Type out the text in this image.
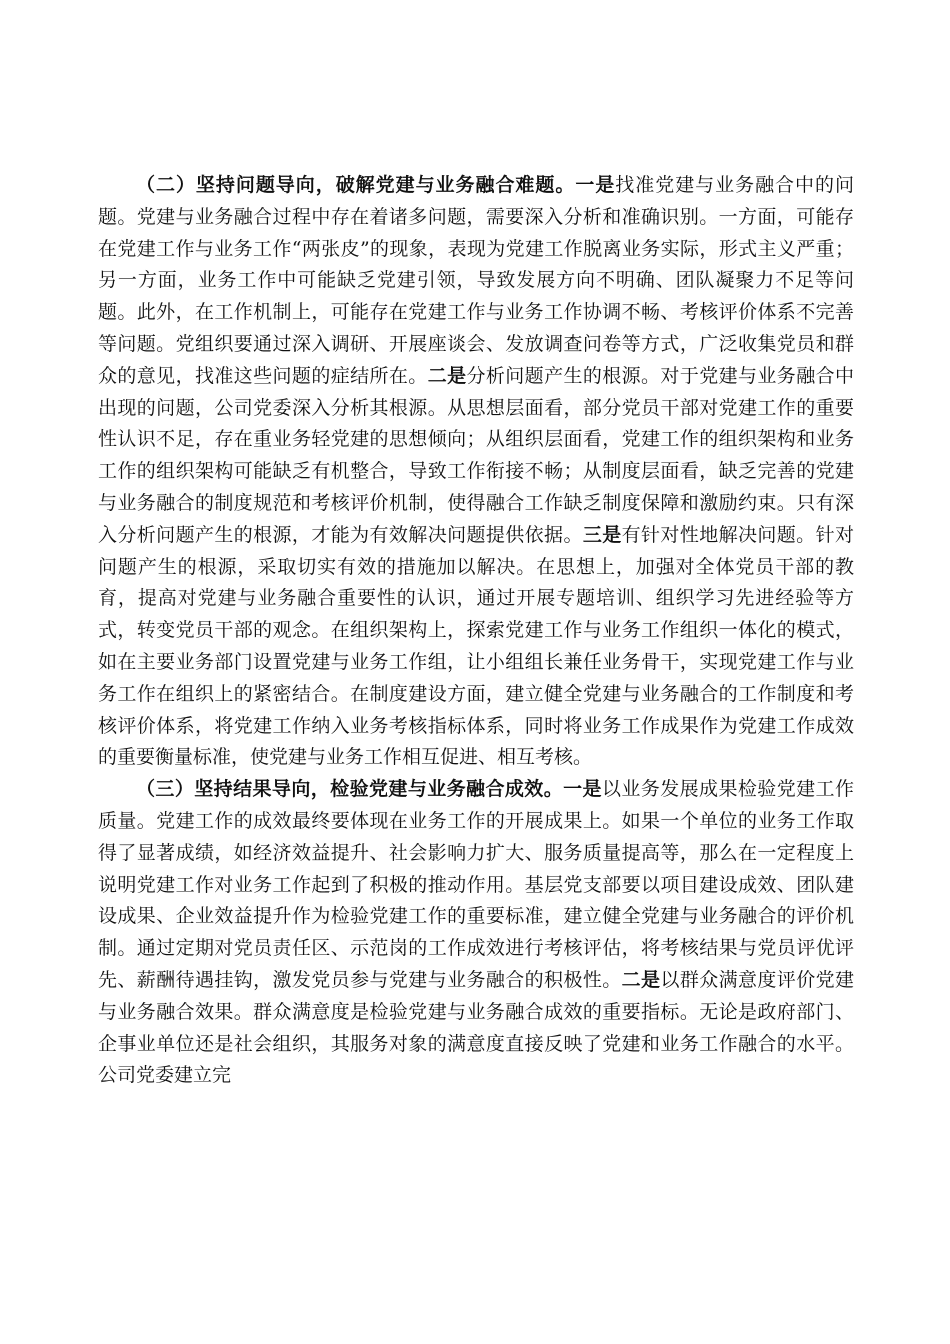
（二）坚持问题导向，破解党建与业务融合难题。一是找准党建与业务融合中的问题。党建与业务融合过程中存在着诸多问题，需要深入分析和准确识别。一方面，可能存在党建工作与业务工作“两张皮”的现象，表现为党建工作脱离业务实际，形式主义严重；另一方面，业务工作中可能缺乏党建引领，导致发展方向不明确、团队凝聚力不足等问题。此外，在工作机制上，可能存在党建工作与业务工作协调不畅、考核评价体系不完善等问题。党组织要通过深入调研、开展座谈会、发放调查问卷等方式，广泛收集党员和群众的意见，找准这些问题的症结所在。二是分析问题产生的根源。对于党建与业务融合中出现的问题，公司党委深入分析其根源。从思想层面看，部分党员干部对党建工作的重要性认识不足，存在重业务轻党建的思想倾向；从组织层面看，党建工作的组织架构和业务工作的组织架构可能缺乏有机整合，导致工作衔接不畅；从制度层面看，缺乏完善的党建与业务融合的制度规范和考核评价机制，使得融合工作缺乏制度保障和激励约束。只有深入分析问题产生的根源，才能为有效解决问题提供依据。三是有针对性地解决问题。针对问题产生的根源，采取切实有效的措施加以解决。在思想上，加强对全体党员干部的教育，提高对党建与业务融合重要性的认识，通过开展专题培训、组织学习先进经验等方式，转变党员干部的观念。在组织架构上，探索党建工作与业务工作组织一体化的模式，如在主要业务部门设置党建与业务工作组，让小组组长兼任业务骨干，实现党建工作与业务工作在组织上的紧密结合。在制度建设方面，建立健全党建与业务融合的工作制度和考核评价体系，将党建工作纳入业务考核指标体系，同时将业务工作成果作为党建工作成效的重要衡量标准，使党建与业务工作相互促进、相互考核。

（三）坚持结果导向，检验党建与业务融合成效。一是以业务发展成果检验党建工作质量。党建工作的成效最终要体现在业务工作的开展成果上。如果一个单位的业务工作取得了显著成绩，如经济效益提升、社会影响力扩大、服务质量提高等，那么在一定程度上说明党建工作对业务工作起到了积极的推动作用。基层党支部要以项目建设成效、团队建设成果、企业效益提升作为检验党建工作的重要标准，建立健全党建与业务融合的评价机制。通过定期对党员责任区、示范岗的工作成效进行考核评估，将考核结果与党员评优评先、薪酬待遇挂钩，激发党员参与党建与业务融合的积极性。二是以群众满意度评价党建与业务融合效果。群众满意度是检验党建与业务融合成效的重要指标。无论是政府部门、企事业单位还是社会组织，其服务对象的满意度直接反映了党建和业务工作融合的水平。公司党委建立完
